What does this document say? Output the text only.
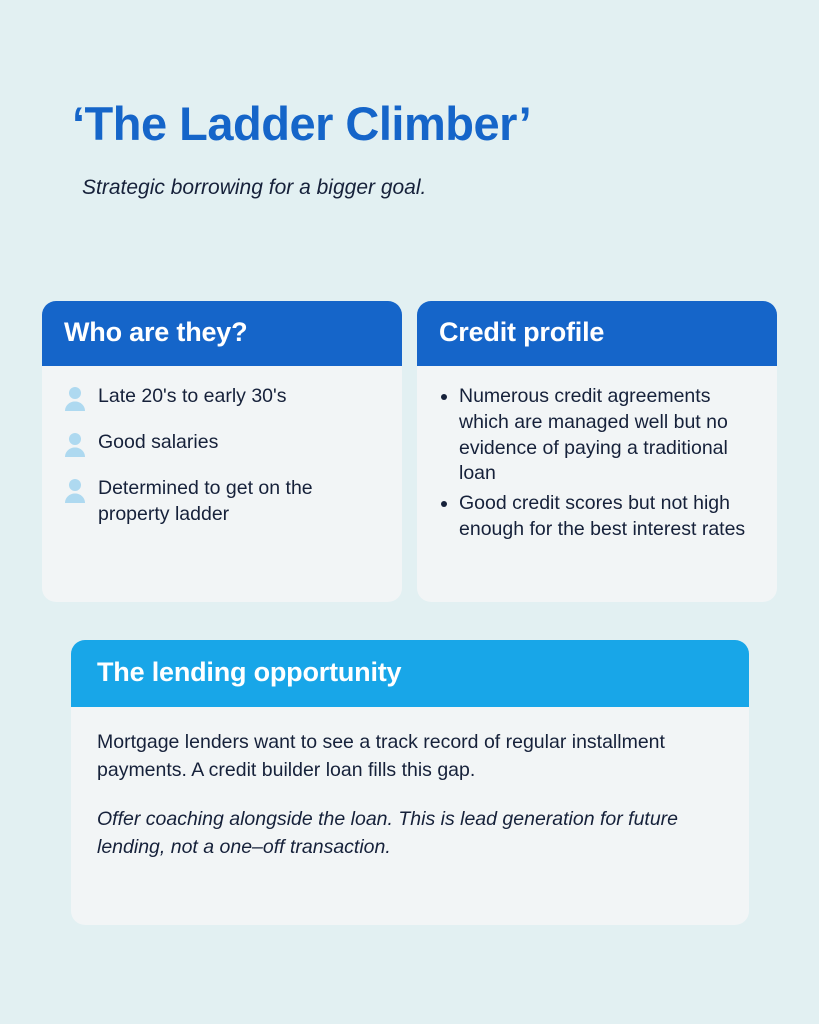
‘The Ladder Climber’

Strategic borrowing for a bigger goal.

Who are they?
Late 20's to early 30's
Good salaries
Determined to get on the property ladder
Credit profile
• Numerous credit agreements which are managed well but no evidence of paying a traditional loan
• Good credit scores but not high enough for the best interest rates
The lending opportunity

Mortgage lenders want to see a track record of regular installment payments. A credit builder loan fills this gap.

Offer coaching alongside the loan. This is lead generation for future lending, not a one–off transaction.
